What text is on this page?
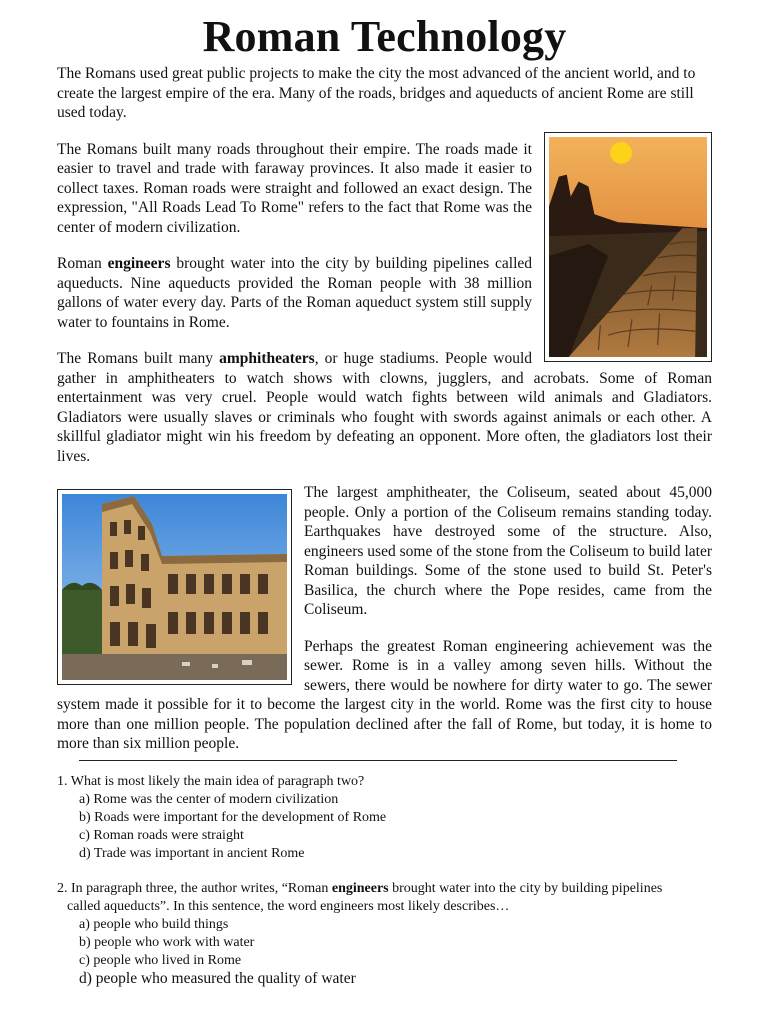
Roman Technology

The Romans used great public projects to make the city the most advanced of the ancient world, and to create the largest empire of the era. Many of the roads, bridges and aqueducts of ancient Rome are still used today.

The Romans built many roads throughout their empire. The roads made it easier to travel and trade with faraway provinces. It also made it easier to collect taxes. Roman roads were straight and followed an exact design. The expression, "All Roads Lead To Rome" refers to the fact that Rome was the center of modern civilization.

Roman engineers brought water into the city by building pipelines called aqueducts. Nine aqueducts provided the Roman people with 38 million gallons of water every day. Parts of the Roman aqueduct system still supply water to fountains in Rome.

The Romans built many amphitheaters, or huge stadiums. People would gather in amphitheaters to watch shows with clowns, jugglers, and acrobats. Some of Roman entertainment was very cruel. People would watch fights between wild animals and Gladiators. Gladiators were usually slaves or criminals who fought with swords against animals or each other. A skillful gladiator might win his freedom by defeating an opponent. More often, the gladiators lost their lives.

The largest amphitheater, the Coliseum, seated about 45,000 people. Only a portion of the Coliseum remains standing today. Earthquakes have destroyed some of the structure. Also, engineers used some of the stone from the Coliseum to build later Roman buildings. Some of the stone used to build St. Peter's Basilica, the church where the Pope resides, came from the Coliseum.

Perhaps the greatest Roman engineering achievement was the sewer. Rome is in a valley among seven hills. Without the sewers, there would be nowhere for dirty water to go. The sewer system made it possible for it to become the largest city in the world. Rome was the first city to house more than one million people. The population declined after the fall of Rome, but today, it is home to more than six million people.

1. What is most likely the main idea of paragraph two?

a) Rome was the center of modern civilization
b) Roads were important for the development of Rome
c) Roman roads were straight
d) Trade was important in ancient Rome

2. In paragraph three, the author writes, “Roman engineers brought water into the city by building pipelines

called aqueducts”. In this sentence, the word engineers most likely describes…

a) people who build things
b) people who work with water
c) people who lived in Rome
d) people who measured the quality of water
